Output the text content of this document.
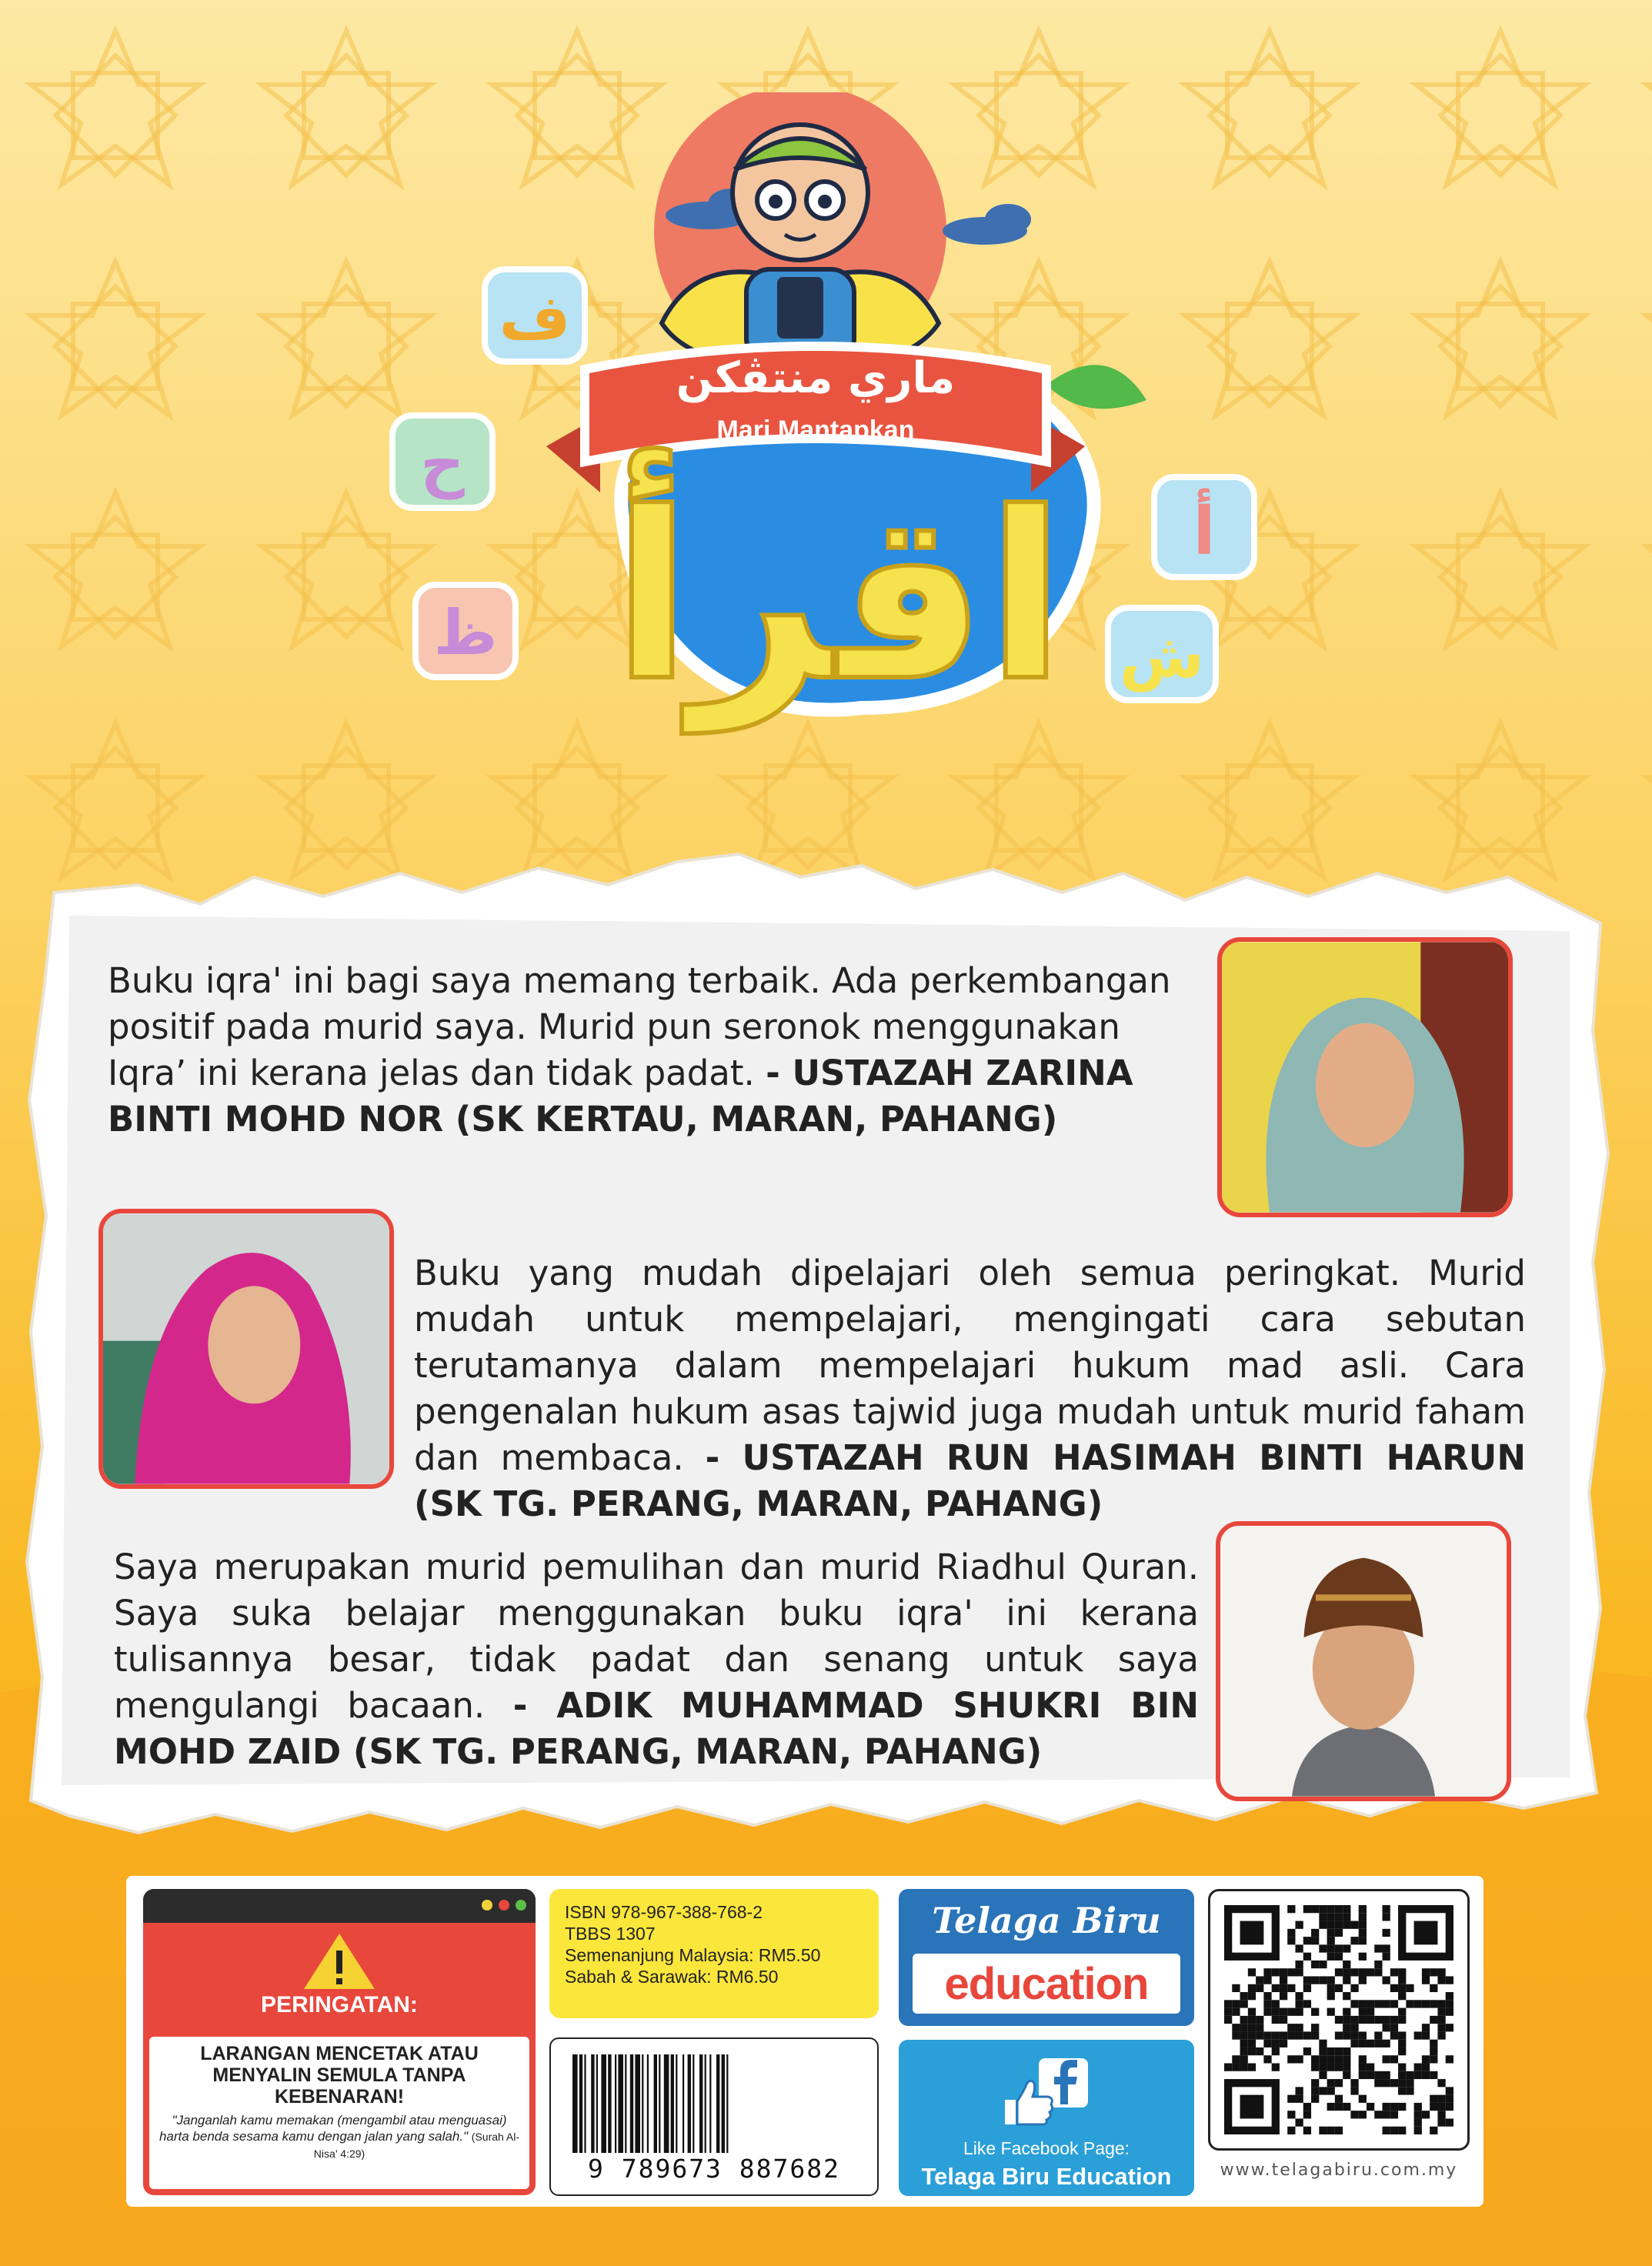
ماري منتڤكن
Mari Mantapkan
اقرأ
ف
ح
ظ
أ
ش
Buku iqra' ini bagi saya memang terbaik. Ada perkembangan positif pada murid saya. Murid pun seronok menggunakan Iqra’ ini kerana jelas dan tidak padat. - USTAZAH ZARINA BINTI MOHD NOR (SK KERTAU, MARAN, PAHANG)
Buku yang mudah dipelajari oleh semua peringkat. Murid mudah untuk mempelajari, mengingati cara sebutan terutamanya dalam mempelajari hukum mad asli. Cara pengenalan hukum asas tajwid juga mudah untuk murid faham dan membaca. - USTAZAH RUN HASIMAH BINTI HARUN (SK TG. PERANG, MARAN, PAHANG)
Saya merupakan murid pemulihan dan murid Riadhul Quran. Saya suka belajar menggunakan buku iqra' ini kerana tulisannya besar, tidak padat dan senang untuk saya mengulangi bacaan. - ADIK MUHAMMAD SHUKRI BIN MOHD ZAID (SK TG. PERANG, MARAN, PAHANG)
PERINGATAN:
LARANGAN MENCETAK ATAU MENYALIN SEMULA TANPA KEBENARAN!
"Janganlah kamu memakan (mengambil atau menguasai) harta benda sesama kamu dengan jalan yang salah." (Surah Al-Nisa’ 4:29)
ISBN 978-967-388-768-2
TBBS 1307
Semenanjung Malaysia: RM5.50
Sabah & Sarawak: RM6.50
9 789673 887682
Telaga Biru
education
Like Facebook Page:
Telaga Biru Education	www.telagabiru.com.my
